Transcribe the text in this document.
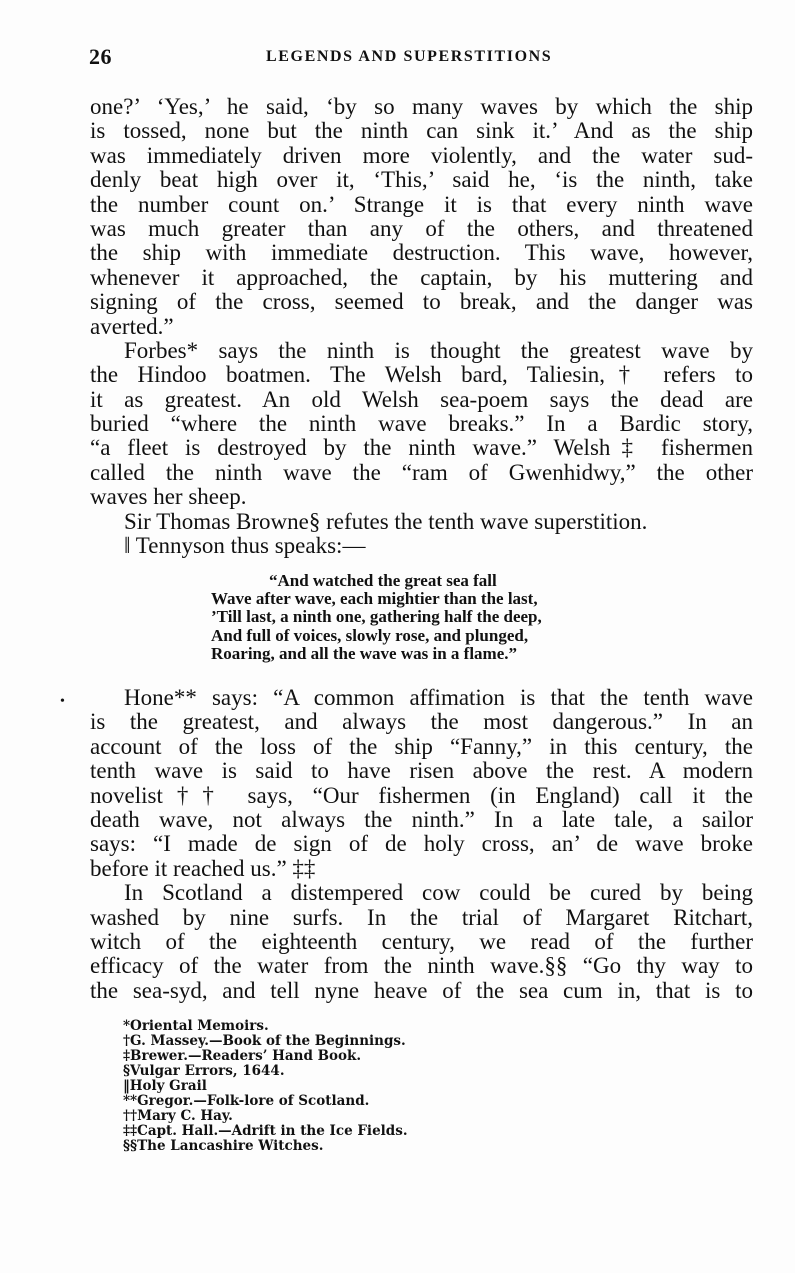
26	LEGENDS AND SUPERSTITIONS
one?’ ‘Yes,’ he said, ‘by so many waves by which the ship
is tossed, none but the ninth can sink it.’ And as the ship
was immediately driven more violently, and the water sud-
denly beat high over it, ‘This,’ said he, ‘is the ninth, take
the number count on.’ Strange it is that every ninth wave
was much greater than any of the others, and threatened
the ship with immediate destruction. This wave, however,
whenever it approached, the captain, by his muttering and
signing of the cross, seemed to break, and the danger was
averted.”
Forbes* says the ninth is thought the greatest wave by
the Hindoo boatmen. The Welsh bard, Taliesin,† refers to
it as greatest. An old Welsh sea-poem says the dead are
buried “where the ninth wave breaks.” In a Bardic story,
“a fleet is destroyed by the ninth wave.” Welsh‡ fishermen
called the ninth wave the “ram of Gwenhidwy,” the other
waves her sheep.
Sir Thomas Browne§ refutes the tenth wave superstition.
‖ Tennyson thus speaks:—
“And watched the great sea fall
Wave after wave, each mightier than the last,
’Till last, a ninth one, gathering half the deep,
And full of voices, slowly rose, and plunged,
Roaring, and all the wave was in a flame.”
•	Hone** says: “A common affimation is that the tenth wave
is the greatest, and always the most dangerous.” In an
account of the loss of the ship “Fanny,” in this century, the
tenth wave is said to have risen above the rest. A modern
novelist†† says, “Our fishermen (in England) call it the
death wave, not always the ninth.” In a late tale, a sailor
says: “I made de sign of de holy cross, an’ de wave broke
before it reached us.” ‡‡
In Scotland a distempered cow could be cured by being
washed by nine surfs. In the trial of Margaret Ritchart,
witch of the eighteenth century, we read of the further
efficacy of the water from the ninth wave.§§ “Go thy way to
the sea-syd, and tell nyne heave of the sea cum in, that is to
*Oriental Memoirs.
†G. Massey.—Book of the Beginnings.
‡Brewer.—Readers’ Hand Book.
§Vulgar Errors, 1644.
‖Holy Grail
**Gregor.—Folk-lore of Scotland.
††Mary C. Hay.
‡‡Capt. Hall.—Adrift in the Ice Fields.
§§The Lancashire Witches.
